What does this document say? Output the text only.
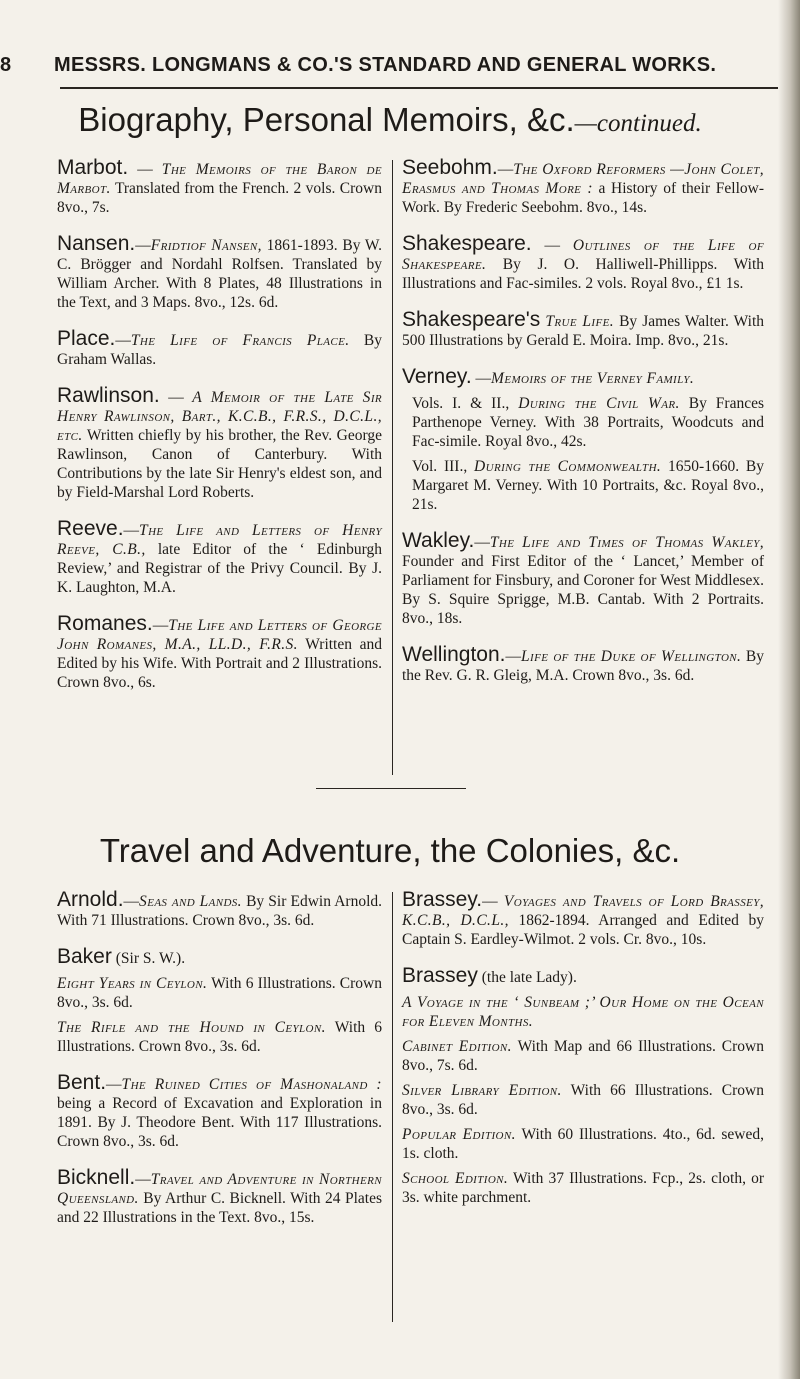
8 MESSRS. LONGMANS & CO.'S STANDARD AND GENERAL WORKS.
Biography, Personal Memoirs, &c.—continued.
Marbot. — The Memoirs of the Baron de Marbot. Translated from the French. 2 vols. Crown 8vo., 7s.
Nansen.—Fridtiof Nansen, 1861-1893. By W. C. Brögger and Nordahl Rolfsen. Translated by William Archer. With 8 Plates, 48 Illustrations in the Text, and 3 Maps. 8vo., 12s. 6d.
Place.—The Life of Francis Place. By Graham Wallas.
Rawlinson. — A Memoir of the Late Sir Henry Rawlinson, Bart., K.C.B., F.R.S., D.C.L., etc. Written chiefly by his brother, the Rev. George Rawlinson, Canon of Canterbury. With Contributions by the late Sir Henry's eldest son, and by Field-Marshal Lord Roberts.
Reeve.—The Life and Letters of Henry Reeve, C.B., late Editor of the ‘ Edinburgh Review,’ and Registrar of the Privy Council. By J. K. Laughton, M.A.
Romanes.—The Life and Letters of George John Romanes, M.A., LL.D., F.R.S. Written and Edited by his Wife. With Portrait and 2 Illustrations. Crown 8vo., 6s.
Seebohm.—The Oxford Reformers —John Colet, Erasmus and Thomas More : a History of their Fellow-Work. By Frederic Seebohm. 8vo., 14s.
Shakespeare. — Outlines of the Life of Shakespeare. By J. O. Halliwell-Phillipps. With Illustrations and Fac-similes. 2 vols. Royal 8vo., £1 1s.
Shakespeare's True Life. By James Walter. With 500 Illustrations by Gerald E. Moira. Imp. 8vo., 21s.
Verney. —Memoirs of the Verney Family.
Vols. I. & II., During the Civil War. By Frances Parthenope Verney. With 38 Portraits, Woodcuts and Fac-simile. Royal 8vo., 42s.
Vol. III., During the Commonwealth. 1650-1660. By Margaret M. Verney. With 10 Portraits, &c. Royal 8vo., 21s.
Wakley.—The Life and Times of Thomas Wakley, Founder and First Editor of the ‘ Lancet,’ Member of Parliament for Finsbury, and Coroner for West Middlesex. By S. Squire Sprigge, M.B. Cantab. With 2 Portraits. 8vo., 18s.
Wellington.—Life of the Duke of Wellington. By the Rev. G. R. Gleig, M.A. Crown 8vo., 3s. 6d.
Travel and Adventure, the Colonies, &c.
Arnold.—Seas and Lands. By Sir Edwin Arnold. With 71 Illustrations. Crown 8vo., 3s. 6d.
Baker (Sir S. W.).
Eight Years in Ceylon. With 6 Illustrations. Crown 8vo., 3s. 6d.
The Rifle and the Hound in Ceylon. With 6 Illustrations. Crown 8vo., 3s. 6d.
Bent.—The Ruined Cities of Mashonaland : being a Record of Excavation and Exploration in 1891. By J. Theodore Bent. With 117 Illustrations. Crown 8vo., 3s. 6d.
Bicknell.—Travel and Adventure in Northern Queensland. By Arthur C. Bicknell. With 24 Plates and 22 Illustrations in the Text. 8vo., 15s.
Brassey.— Voyages and Travels of Lord Brassey, K.C.B., D.C.L., 1862-1894. Arranged and Edited by Captain S. Eardley-Wilmot. 2 vols. Cr. 8vo., 10s.
Brassey (the late Lady).
A Voyage in the ‘ Sunbeam ;’ Our Home on the Ocean for Eleven Months.
Cabinet Edition. With Map and 66 Illustrations. Crown 8vo., 7s. 6d.
Silver Library Edition. With 66 Illustrations. Crown 8vo., 3s. 6d.
Popular Edition. With 60 Illustrations. 4to., 6d. sewed, 1s. cloth.
School Edition. With 37 Illustrations. Fcp., 2s. cloth, or 3s. white parchment.
